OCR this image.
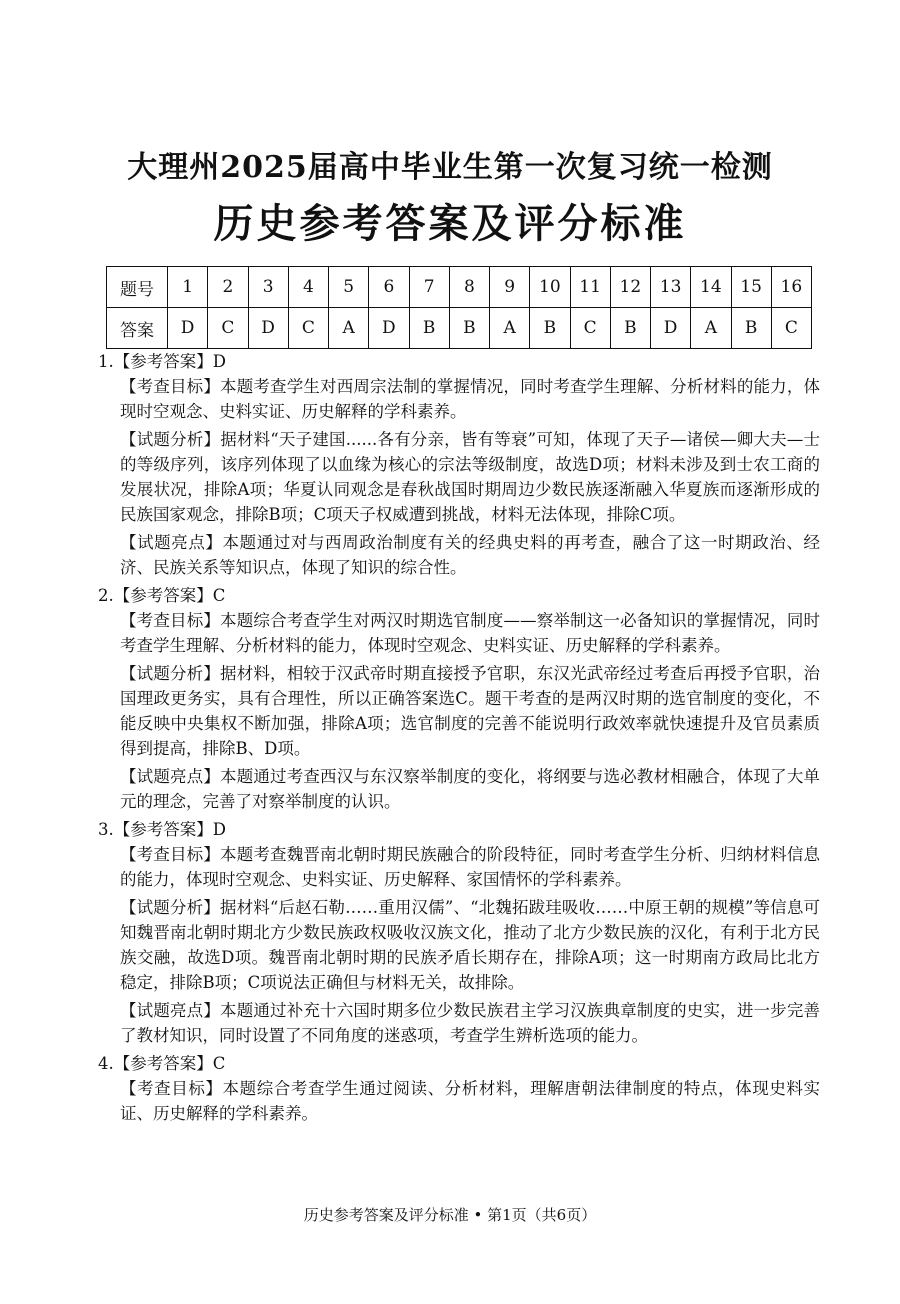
大理州2025届高中毕业生第一次复习统一检测
历史参考答案及评分标准
题号	1	2	3	4	5	6	7	8	9	10	11	12	13	14	15	16
答案	D	C	D	C	A	D	B	B	A	B	C	B	D	A	B	C
1.【参考答案】D
【考查目标】本题考查学生对西周宗法制的掌握情况，同时考查学生理解、分析材料的能力，体现时空观念、史料实证、历史解释的学科素养。
【试题分析】据材料“天子建国......各有分亲，皆有等衰”可知，体现了天子—诸侯—卿大夫—士的等级序列，该序列体现了以血缘为核心的宗法等级制度，故选D项；材料未涉及到士农工商的发展状况，排除A项；华夏认同观念是春秋战国时期周边少数民族逐渐融入华夏族而逐渐形成的民族国家观念，排除B项；C项天子权威遭到挑战，材料无法体现，排除C项。
【试题亮点】本题通过对与西周政治制度有关的经典史料的再考查，融合了这一时期政治、经济、民族关系等知识点，体现了知识的综合性。
2.【参考答案】C
【考查目标】本题综合考查学生对两汉时期选官制度——察举制这一必备知识的掌握情况，同时考查学生理解、分析材料的能力，体现时空观念、史料实证、历史解释的学科素养。
【试题分析】据材料，相较于汉武帝时期直接授予官职，东汉光武帝经过考查后再授予官职，治国理政更务实，具有合理性，所以正确答案选C。题干考查的是两汉时期的选官制度的变化，不能反映中央集权不断加强，排除A项；选官制度的完善不能说明行政效率就快速提升及官员素质得到提高，排除B、D项。
【试题亮点】本题通过考查西汉与东汉察举制度的变化，将纲要与选必教材相融合，体现了大单元的理念，完善了对察举制度的认识。
3.【参考答案】D
【考查目标】本题考查魏晋南北朝时期民族融合的阶段特征，同时考查学生分析、归纳材料信息的能力，体现时空观念、史料实证、历史解释、家国情怀的学科素养。
【试题分析】据材料“后赵石勒……重用汉儒”、“北魏拓跋珪吸收……中原王朝的规模”等信息可知魏晋南北朝时期北方少数民族政权吸收汉族文化，推动了北方少数民族的汉化，有利于北方民族交融，故选D项。魏晋南北朝时期的民族矛盾长期存在，排除A项；这一时期南方政局比北方稳定，排除B项；C项说法正确但与材料无关，故排除。
【试题亮点】本题通过补充十六国时期多位少数民族君主学习汉族典章制度的史实，进一步完善了教材知识，同时设置了不同角度的迷惑项，考查学生辨析选项的能力。
4.【参考答案】C
【考查目标】本题综合考查学生通过阅读、分析材料，理解唐朝法律制度的特点，体现史料实证、历史解释的学科素养。
历史参考答案及评分标准 • 第1页（共6页）
